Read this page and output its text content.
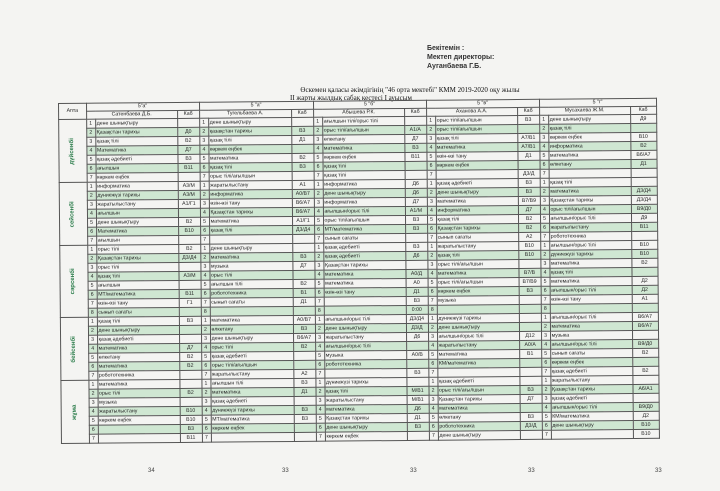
Бекітемін :
Мектеп директоры:
Ауганбаева Г.Б.
Өскемен қаласы әкімдігінің "46 орта мектебі" КММ 2019-2020 оқу жылы
II жарты жылдық сабақ кестесі I ауысым
Апта	5"а"			5 "а"			5 "б"			5 "в"			5 "г"		
	Сатенбаева Д.Б.		Каб	Тугельбаева А.		Каб	Абышева Р.К.		Каб	Аханова А.А.		Каб	Мусахаева Ж.М.		Каб
дүйсенбі	1	дене шынықтыру		1	дене шынықтыру		1	ағылшын тілі/орыс тілі		1	орыс тілі/ағылшын	В3	1	дене шынықтыру	Д9
	2	Қазақстан тарихы	Д0	2	қазақстан тарихы	В3	2	орыс тілі/ағылшын	А1/А	2	орыс тілі/ағылшын		2	қазақ тілі	
	3	қазақ тілі	В2	3	қазақ тілі	Д1	3	өлкетану	Д7	3	қазақ тілі	А7/В1	3	көркем еңбек	В10
	4	Математика	Д7	4	көркем еңбек		4	математика	В3	4	математика	А7/В1	4	информатика	В2
	5	қазақ әдебиеті	В3	5	математика	В2	5	көркем еңбек	В11	5	өзін-өзі тану	Д1	5	математика	В6/А7
	6	ағылшын	В11	6	қазақ тілі	В3	6	қазақ тілі		6	көркем еңбек		6	өлкетану	Д1
	7	көркем еңбек		7	орыс тілі/ағылшын		7	қазақ тілі		7		Д3/Д	7		
сейсенбі	1	информатика	А3/М	1	жаратылыстану	А1	1	информатика	Д6	1	қазақ әдебиеті	В3	1	қазақ тілі	
	2	дүниежүзі тарихы	А3/М	2	информатика	А0/В7	2	дене шынықтыру	Д6	2	дене шынықтыру	В3	2	математика	Д3/Д4
	3	жаратылыстану	А1/Г1	3	өзін-өзі тану	В6/А7	3	информатика	Д7	3	математика	В7/В9	3	Қазақстан тарихы	Д3/Д4
	4	ағылшын		4	Қазақстан тарихы	В6/А7	4	ағылшын/орыс тілі	А1/М	4	информатика	Д7	4	орыс тілі/ағылшын	В9/Д0
	5	дене шынықтыру	В2	5	математика	А1/Г1	5	орыс тілі/ағылшын	В3	5	қазақ тілі	В2	5	ағылшын/орыс тілі	Д9
	6	Математика	В10	6	қазақ тілі	Д3/Д4	6	МТ/математика	В3	6	Қазақстан тарихы	В2	6	жаратылыстану	В11
	7	ағылшын		7			7	сынып сағаты		7	сынып сағаты	А2	7	робототехника	
сәрсенбі	1	орыс тілі	В2	1	дене шынықтыру		1	қазақ әдебиеті	В3	1	жаратылыстану	В10	1	ағылшын/орыс тілі	В10
	2	Қазақстан тарихы	Д3/Д4	2	математика	В3	2	қазақ әдебиеті	Д6	2	қазақ тілі	В10	2	дүниежүзі тарихы	В10
	3	орыс тілі		3	музыка	Д7	3	Қазақстан тарихы		3	орыс тілі/ағылшын		3	математика	В2
	4	қазақ тілі	А3/М	4	орыс тілі		4	математика	А0/Д	4	математика	В7/В	4	қазақ тілі	
	5	ағылшын		5	ағылшын тілі	В2	5	математика	А0	5	орыс тілі/ағылшын	В7/В9	5	математика	Д2
	6	МТ/математика	В11	6	робототехника	В1	6	өзін-өзі тану	Д1	6	көркем еңбек	В3	6	ағылшын/орыс тілі	Д2
	7	өзін-өзі тану	Г1	7	сынып сағаты	Д1	7		В3	7	музыка		7	өзін-өзі тану	А1
	8	сынып сағаты		8			8		0:00	8			8		
бейсенбі	1	қазақ тілі	В3	1	математика	А0/В7	1	ағылшын/орыс тілі	Д3/Д4	1	дүниежүзі тарихы		1	ағылшын/орыс тілі	В6/А7
	2	дене шынықтыру		2	өлкетану	В3	2	дене шынықтыру	Д3/Д	2	дене шынықтыру		2	математика	В6/А7
	3	қазақ әдебиеті		3	дене шынықтыру	В6/А7	3	жаратылыстану	Д6	3	ағылшын/орыс тілі	Д12	3	музыка	
	4	математика	Д7	4	орыс тілі	В2	4	ағылшын/орыс тілі		4	жаратылыстану	А0/А	4	ағылшын/орыс тілі	В9/Д0
	5	өлкетану	В2	5	қазақ әдебиеті		5	музыка	А0/В	5	математика	В1	5	сынып сағаты	В2
	6	математика	В2	6	орыс тілі/ағылшын		6	робототехника		6	КМ/математика		6	көркем еңбек	
	7	робототехника		7	жаратылыстану	А2	7		В3	7			7	қазақ әдебиеті	В2
жұма	1	математика		1	ағылшын тілі	В3	1	дүниежүзі тарихы		1	қазақ әдебиеті		1	жаратылыстану	
	2	орыс тілі	В2	2	математика	Д1	2	қазақ тілі	М/В1	2	орыс тілі/ағылшын	В3	2	Қазақстан тарихы	А6/А1
	3	музыка		3	қазақ әдебиеті		3	жаратылыстану	М/В1	3	Қазақстан тарихы	Д7	3	қазақ әдебиеті	
	4	жаратылыстану	В10	4	дүниежүзі тарихы	В3	4	математика	Д6	4	математика		4	ағылшын/орыс тілі	В9/Д0
	5	көркем еңбек	В10	5	МТ/математика	В3	5	Қазақстан тарихы	Д1	5	өлкетану	В3	5	КМ/математика	Д2
	6		В3	6	көркем еңбек		6	дене шынықтыру	В3	6	робототехника	Д3/Д	6	дене шынықтыру	В10
	7		В11	7			7	көркем еңбек		7	дене шынықтыру		7		В10
34	33	33	33	33
